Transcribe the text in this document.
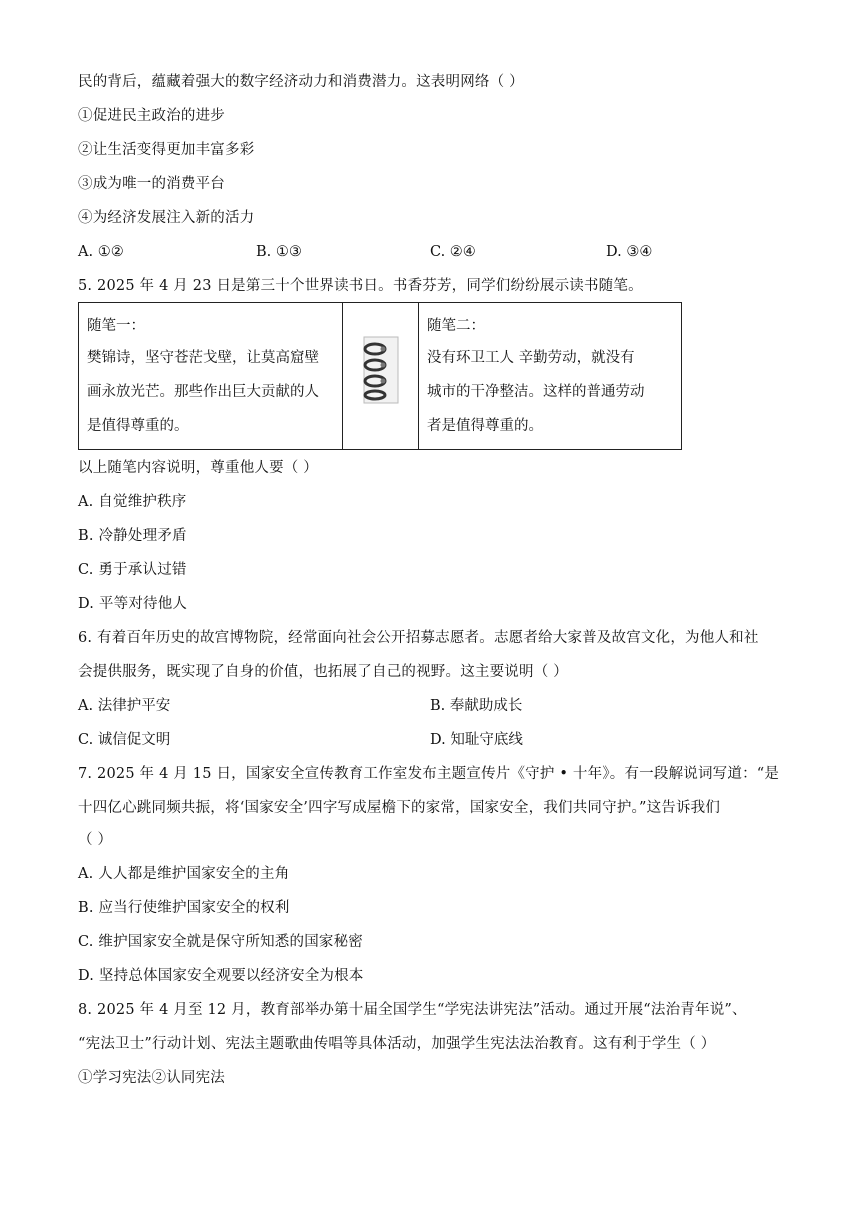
民的背后，蕴藏着强大的数字经济动力和消费潜力。这表明网络（ ）
①促进民主政治的进步
②让生活变得更加丰富多彩
③成为唯一的消费平台
④为经济发展注入新的活力
A. ①②	B. ①③	C. ②④	D. ③④
5. 2025 年 4 月 23 日是第三十个世界读书日。书香芬芳，同学们纷纷展示读书随笔。
随笔一：
樊锦诗，坚守苍茫戈壁，让莫高窟壁
画永放光芒。那些作出巨大贡献的人
是值得尊重的。

随笔二：
没有环卫工人 辛勤劳动，就没有
城市的干净整洁。这样的普通劳动
者是值得尊重的。
以上随笔内容说明，尊重他人要（ ）
A. 自觉维护秩序
B. 冷静处理矛盾
C. 勇于承认过错
D. 平等对待他人
6. 有着百年历史的故宫博物院，经常面向社会公开招募志愿者。志愿者给大家普及故宫文化，为他人和社
会提供服务，既实现了自身的价值，也拓展了自己的视野。这主要说明（ ）
A. 法律护平安	B. 奉献助成长
C. 诚信促文明	D. 知耻守底线
7. 2025 年 4 月 15 日，国家安全宣传教育工作室发布主题宣传片《守护 • 十年》。有一段解说词写道：“是
十四亿心跳同频共振，将‘国家安全’四字写成屋檐下的家常，国家安全，我们共同守护。”这告诉我们
（ ）
A. 人人都是维护国家安全的主角
B. 应当行使维护国家安全的权利
C. 维护国家安全就是保守所知悉的国家秘密
D. 坚持总体国家安全观要以经济安全为根本
8. 2025 年 4 月至 12 月，教育部举办第十届全国学生“学宪法讲宪法”活动。通过开展“法治青年说”、
“宪法卫士”行动计划、宪法主题歌曲传唱等具体活动，加强学生宪法法治教育。这有利于学生（ ）
①学习宪法②认同宪法
